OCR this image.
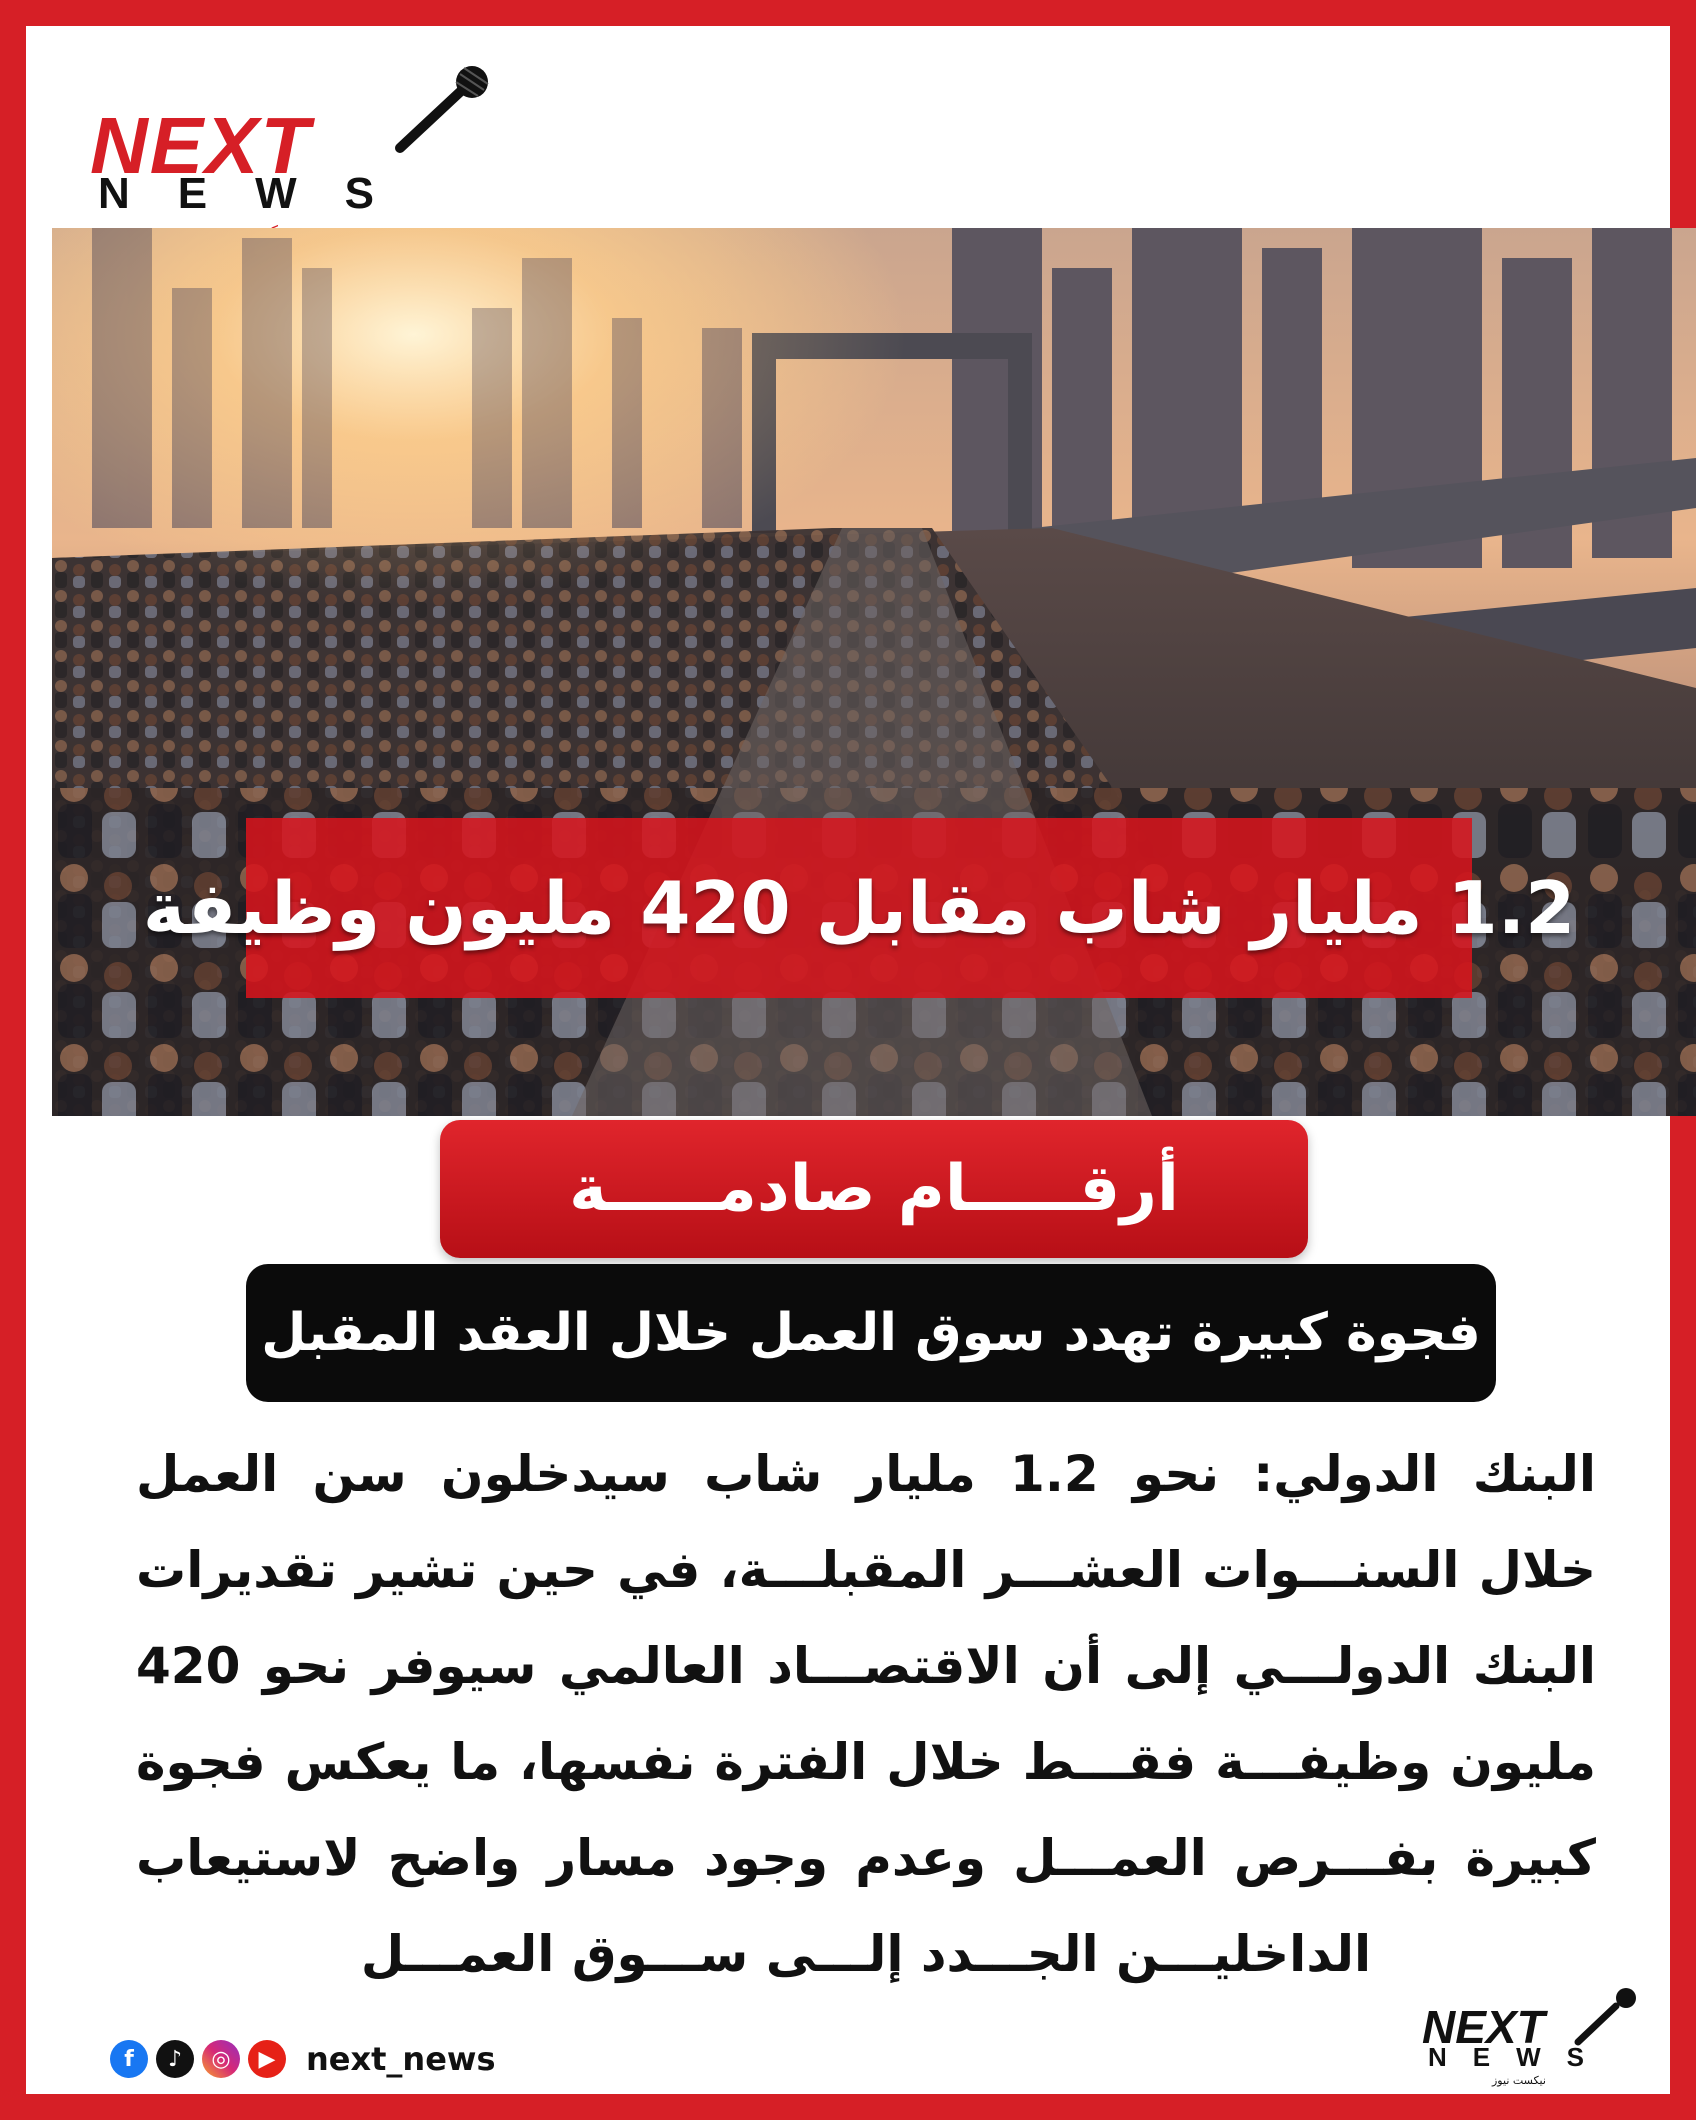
NEXT
NEWS
1.2 مليار شاب مقابل 420 مليون وظيفة
أرقـــــام صادمـــــة
فجوة كبيرة تهدد سوق العمل خلال العقد المقبل

البنك الدولي: نحو 1.2 مليار شاب سيدخلون سن العمل خلال السنـــوات العشـــر المقبلـــة، في حين تشير تقديرات البنك الدولـــي إلى أن الاقتصـــاد العالمي سيوفر نحو 420 مليون وظيفـــة فقـــط خلال الفترة نفسها، ما يعكس فجوة كبيرة بفـــرص العمـــل وعدم وجود مسار واضح لاستيعاب الداخليـــن الجـــدد إلـــى ســـوق العمـــل

f	♪	◎	▶ next_news
NEXT
NEWS
نيكست نيوز
